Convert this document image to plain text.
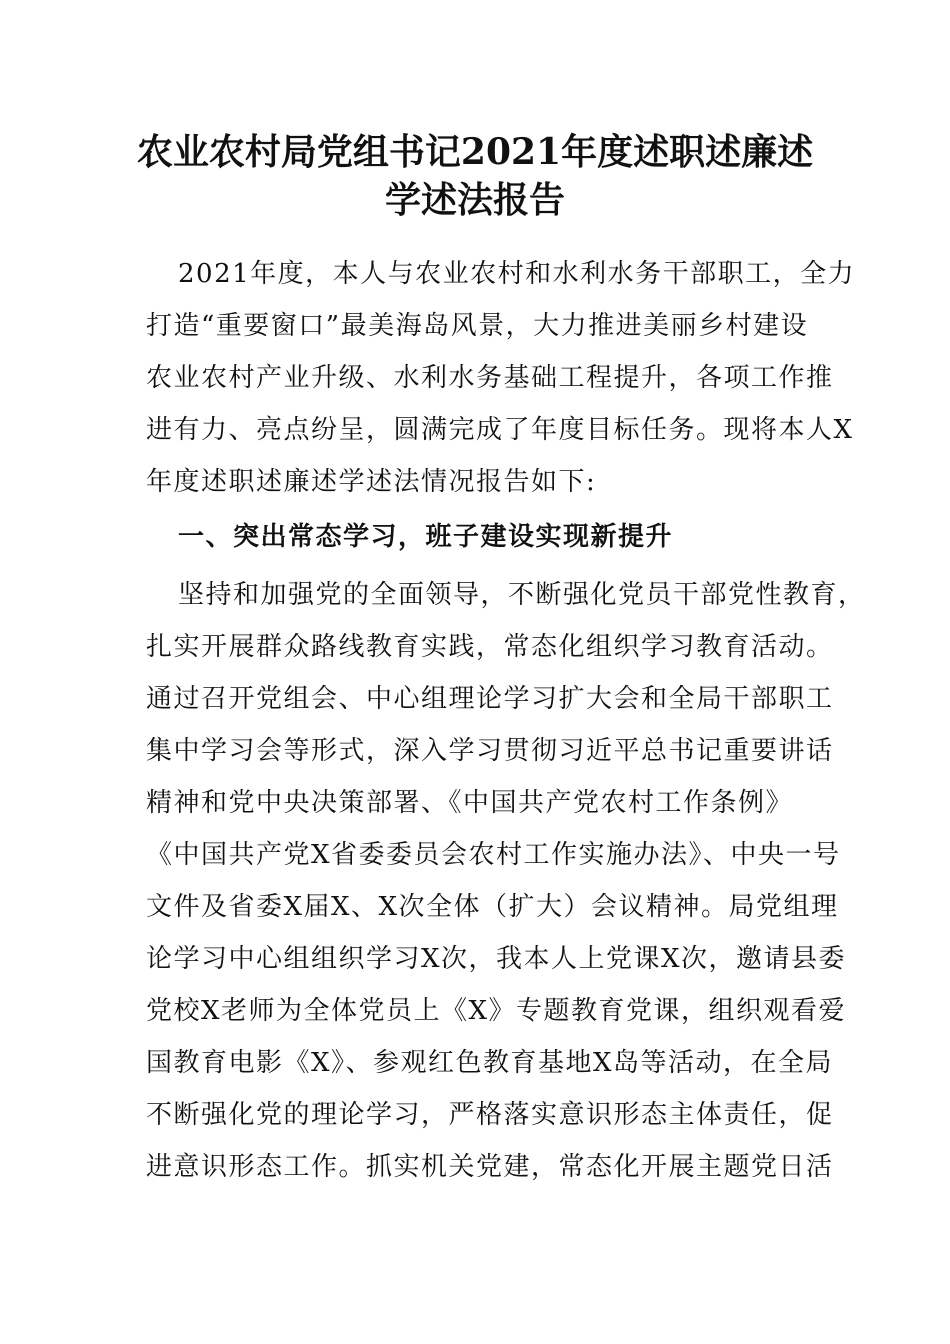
农业农村局党组书记2021年度述职述廉述
学述法报告
2021年度，本人与农业农村和水利水务干部职工，全力
打造“重要窗口”最美海岛风景，大力推进美丽乡村建设
农业农村产业升级、水利水务基础工程提升，各项工作推
进有力、亮点纷呈，圆满完成了年度目标任务。现将本人X
年度述职述廉述学述法情况报告如下:
一、突出常态学习，班子建设实现新提升
坚持和加强党的全面领导，不断强化党员干部党性教育，
扎实开展群众路线教育实践，常态化组织学习教育活动。
通过召开党组会、中心组理论学习扩大会和全局干部职工
集中学习会等形式，深入学习贯彻习近平总书记重要讲话
精神和党中央决策部署、《中国共产党农村工作条例》
《中国共产党X省委委员会农村工作实施办法》、中央一号
文件及省委X届X、X次全体（扩大）会议精神。局党组理
论学习中心组组织学习X次，我本人上党课X次，邀请县委
党校X老师为全体党员上《X》专题教育党课，组织观看爱
国教育电影《X》、参观红色教育基地X岛等活动，在全局
不断强化党的理论学习，严格落实意识形态主体责任，促
进意识形态工作。抓实机关党建，常态化开展主题党日活
